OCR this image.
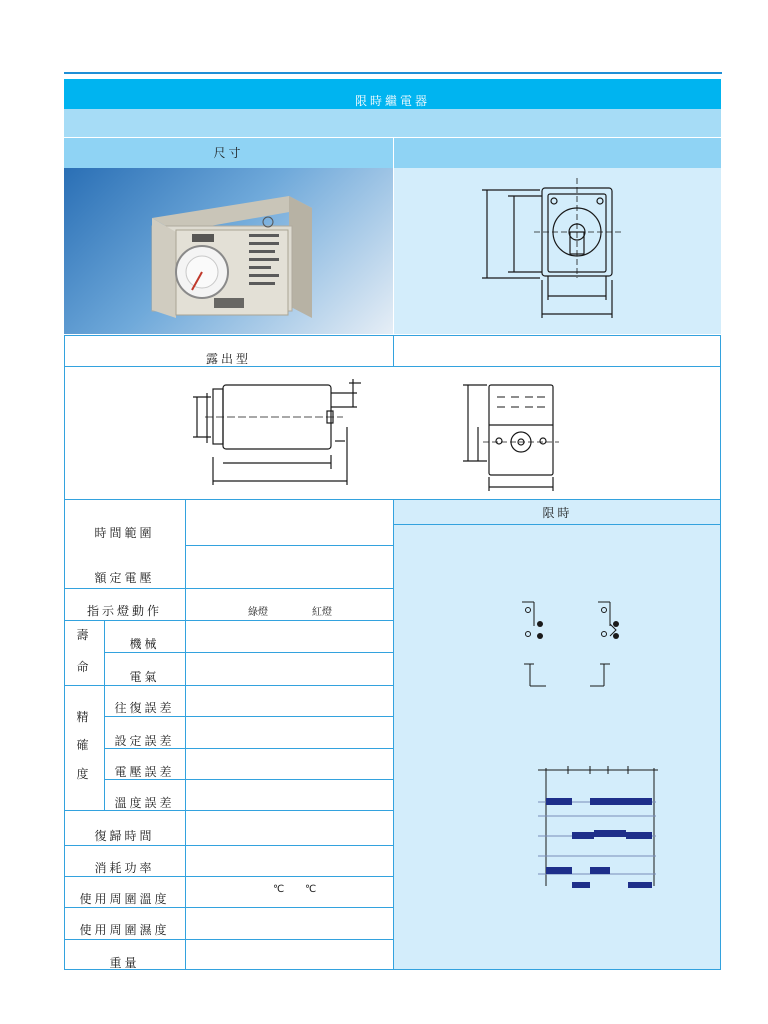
限時繼電器
尺寸
露出型
時間範圍
額定電壓
指示燈動作	綠燈	紅燈
壽
命
機械
電氣
精
確
度
往復誤差
設定誤差
電壓誤差
溫度誤差
復歸時間
消耗功率
使用周圍溫度
℃ ℃
使用周圍濕度
重量
限時
